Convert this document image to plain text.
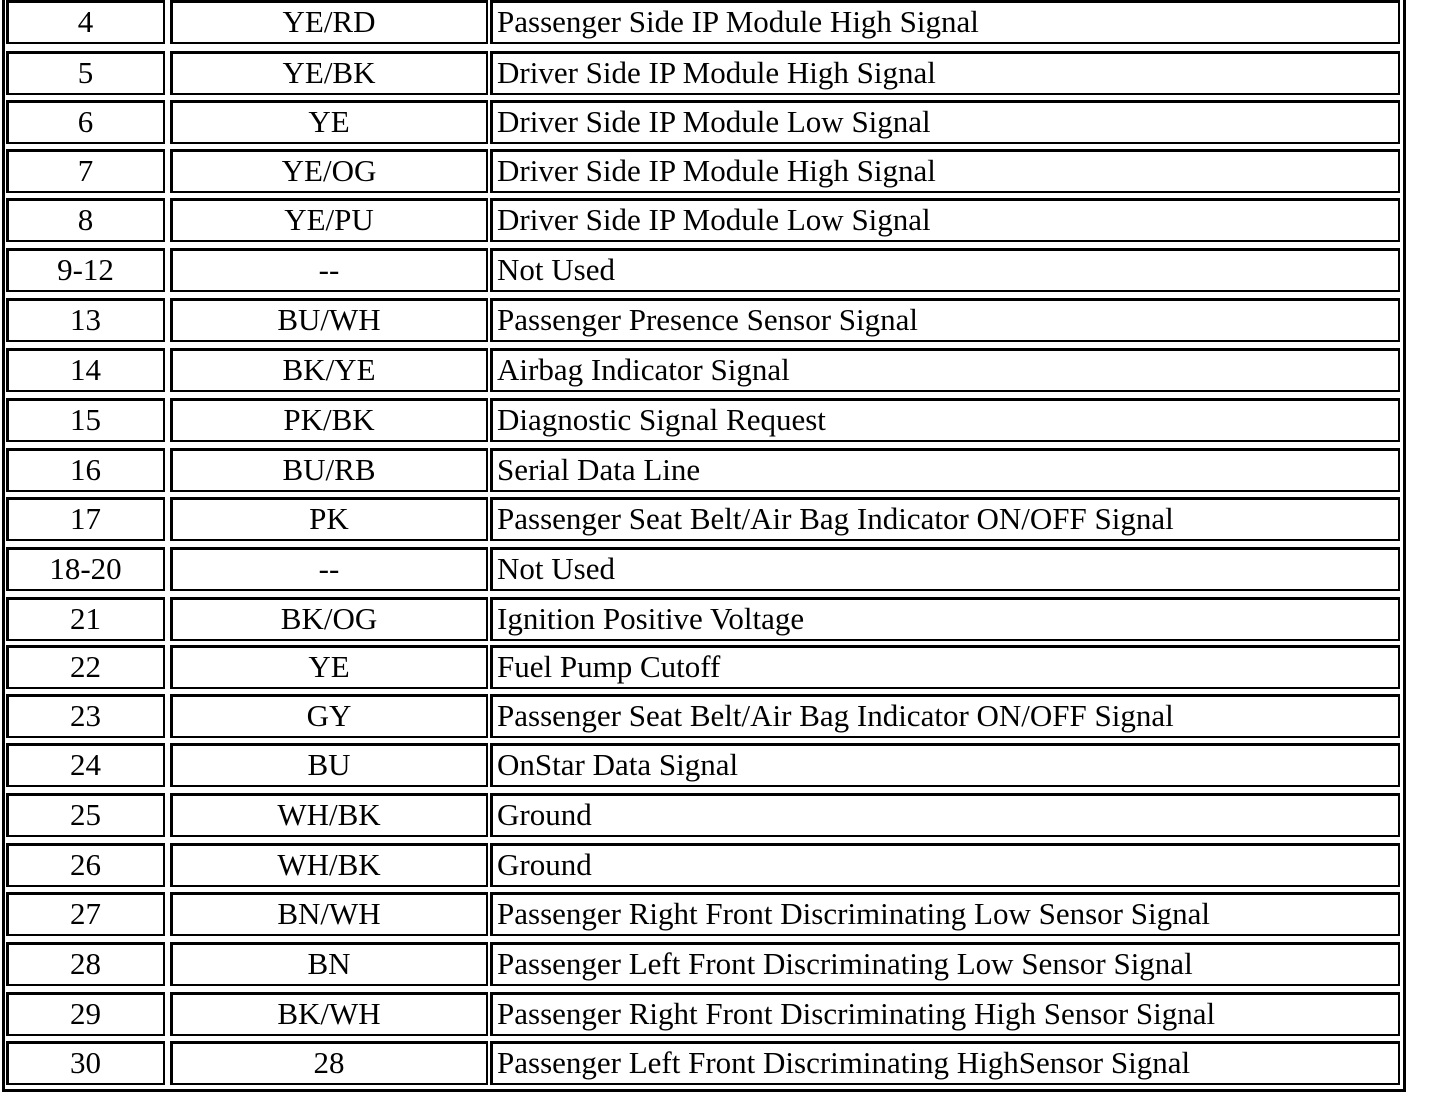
4	YE/RD	Passenger Side IP Module High Signal
5	YE/BK	Driver Side IP Module High Signal
6	YE	Driver Side IP Module Low Signal
7	YE/OG	Driver Side IP Module High Signal
8	YE/PU	Driver Side IP Module Low Signal
9-12	--	Not Used
13	BU/WH	Passenger Presence Sensor Signal
14	BK/YE	Airbag Indicator Signal
15	PK/BK	Diagnostic Signal Request
16	BU/RB	Serial Data Line
17	PK	Passenger Seat Belt/Air Bag Indicator ON/OFF Signal
18-20	--	Not Used
21	BK/OG	Ignition Positive Voltage
22	YE	Fuel Pump Cutoff
23	GY	Passenger Seat Belt/Air Bag Indicator ON/OFF Signal
24	BU	OnStar Data Signal
25	WH/BK	Ground
26	WH/BK	Ground
27	BN/WH	Passenger Right Front Discriminating Low Sensor Signal
28	BN	Passenger Left Front Discriminating Low Sensor Signal
29	BK/WH	Passenger Right Front Discriminating High Sensor Signal
30	28	Passenger Left Front Discriminating HighSensor Signal
